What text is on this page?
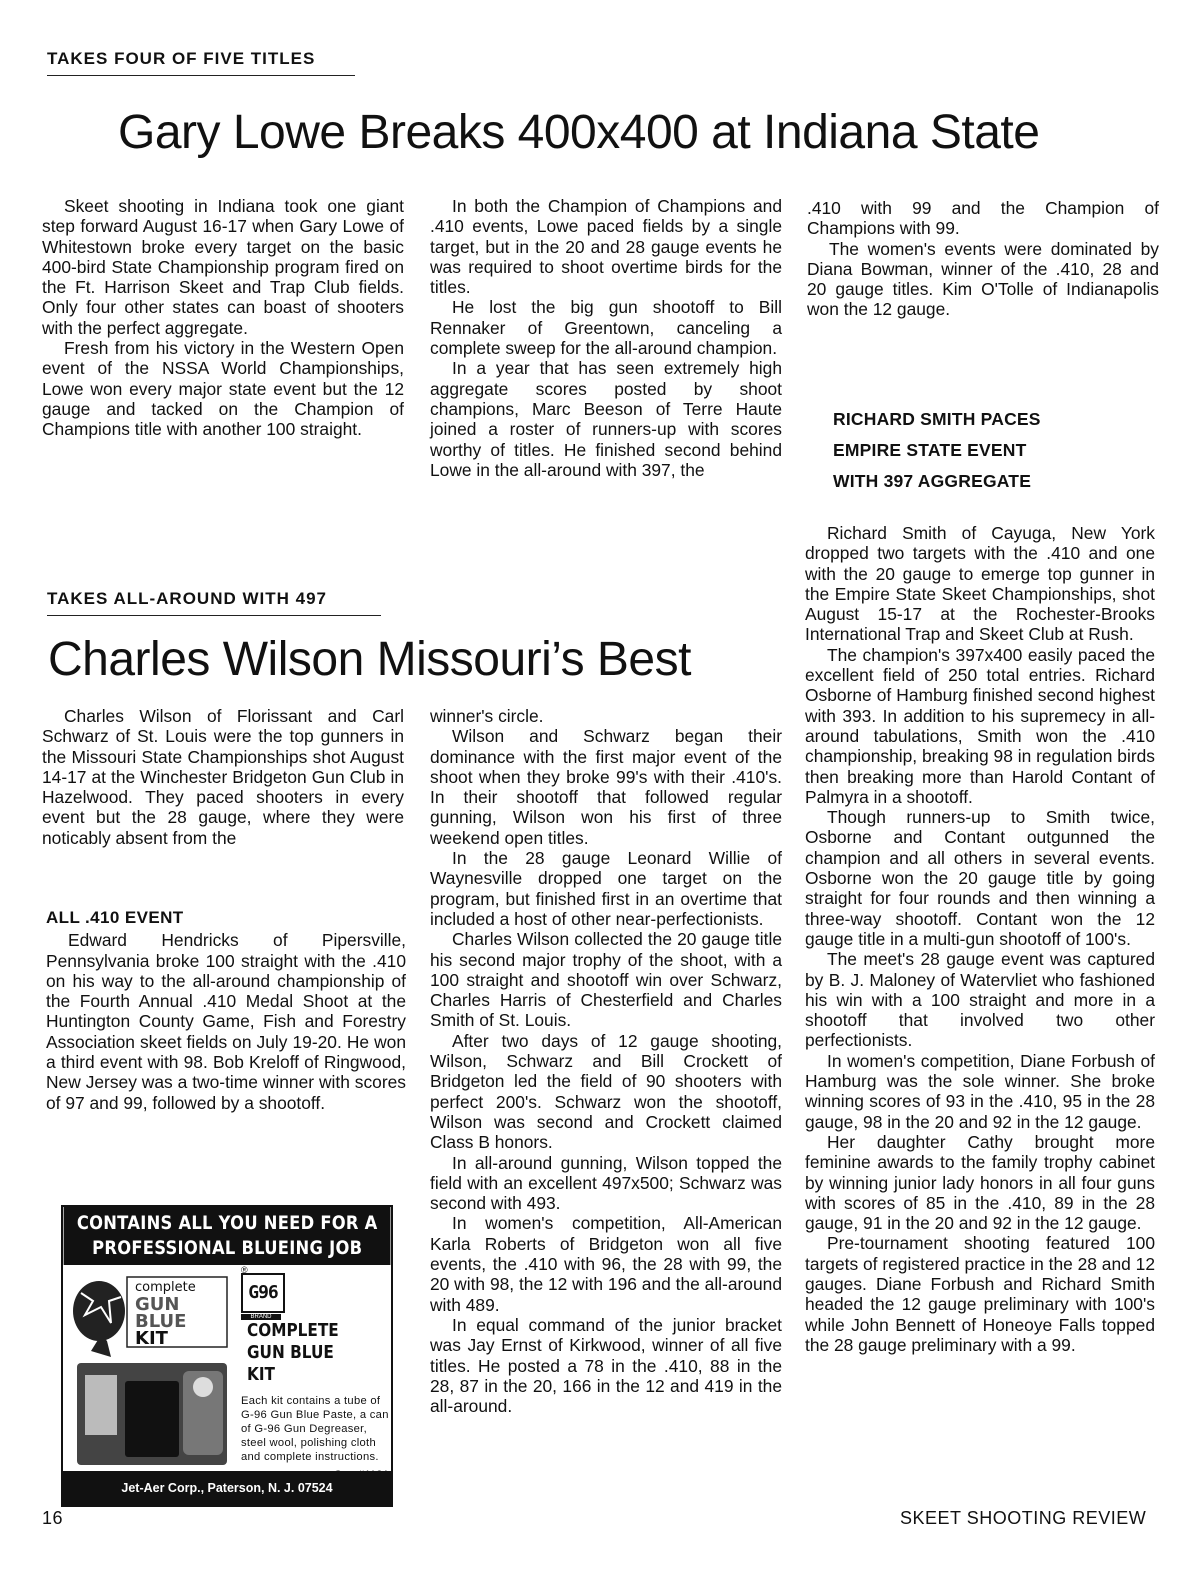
TAKES FOUR OF FIVE TITLES
Gary Lowe Breaks 400x400 at Indiana State

Skeet shooting in Indiana took one giant step forward August 16-17 when Gary Lowe of Whitestown broke every target on the basic 400-bird State Championship program fired on the Ft. Harrison Skeet and Trap Club fields. Only four other states can boast of shooters with the perfect aggregate.

Fresh from his victory in the Western Open event of the NSSA World Championships, Lowe won every major state event but the 12 gauge and tacked on the Champion of Champions title with another 100 straight.

In both the Champion of Champions and .410 events, Lowe paced fields by a single target, but in the 20 and 28 gauge events he was required to shoot overtime birds for the titles.

He lost the big gun shootoff to Bill Rennaker of Greentown, canceling a complete sweep for the all-around champion.

In a year that has seen extremely high aggregate scores posted by shoot champions, Marc Beeson of Terre Haute joined a roster of runners-up with scores worthy of titles. He finished second behind Lowe in the all-around with 397, the

.410 with 99 and the Champion of Champions with 99.

The women's events were dominated by Diana Bowman, winner of the .410, 28 and 20 gauge titles. Kim O'Tolle of Indianapolis won the 12 gauge.

TAKES ALL-AROUND WITH 497
Charles Wilson Missouri’s Best

Charles Wilson of Florissant and Carl Schwarz of St. Louis were the top gunners in the Missouri State Championships shot August 14-17 at the Winchester Bridgeton Gun Club in Hazelwood. They paced shooters in every event but the 28 gauge, where they were noticably absent from the

winner's circle.

Wilson and Schwarz began their dominance with the first major event of the shoot when they broke 99's with their .410's. In their shootoff that followed regular gunning, Wilson won his first of three weekend open titles.

In the 28 gauge Leonard Willie of Waynesville dropped one target on the program, but finished first in an overtime that included a host of other near-perfectionists.

Charles Wilson collected the 20 gauge title his second major trophy of the shoot, with a 100 straight and shootoff win over Schwarz, Charles Harris of Chesterfield and Charles Smith of St. Louis.

After two days of 12 gauge shooting, Wilson, Schwarz and Bill Crockett of Bridgeton led the field of 90 shooters with perfect 200's. Schwarz won the shootoff, Wilson was second and Crockett claimed Class B honors.

In all-around gunning, Wilson topped the field with an excellent 497x500; Schwarz was second with 493.

In women's competition, All-American Karla Roberts of Bridgeton won all five events, the .410 with 96, the 28 with 99, the 20 with 98, the 12 with 196 and the all-around with 489.

In equal command of the junior bracket was Jay Ernst of Kirkwood, winner of all five titles. He posted a 78 in the .410, 88 in the 28, 87 in the 20, 166 in the 12 and 419 in the all-around.

ALL .410 EVENT

Edward Hendricks of Pipersville, Pennsylvania broke 100 straight with the .410 on his way to the all-around championship of the Fourth Annual .410 Medal Shoot at the Huntington County Game, Fish and Forestry Association skeet fields on July 19-20. He won a third event with 98. Bob Kreloff of Ringwood, New Jersey was a two-time winner with scores of 97 and 99, followed by a shootoff.

RICHARD SMITH PACES
EMPIRE STATE EVENT
WITH 397 AGGREGATE

Richard Smith of Cayuga, New York dropped two targets with the .410 and one with the 20 gauge to emerge top gunner in the Empire State Skeet Championships, shot August 15-17 at the Rochester-Brooks International Trap and Skeet Club at Rush.

The champion's 397x400 easily paced the excellent field of 250 total entries. Richard Osborne of Hamburg finished second highest with 393. In addition to his supremecy in all-around tabulations, Smith won the .410 championship, breaking 98 in regulation birds then breaking more than Harold Contant of Palmyra in a shootoff.

Though runners-up to Smith twice, Osborne and Contant outgunned the champion and all others in several events. Osborne won the 20 gauge title by going straight for four rounds and then winning a three-way shootoff. Contant won the 12 gauge title in a multi-gun shootoff of 100's.

The meet's 28 gauge event was captured by B. J. Maloney of Watervliet who fashioned his win with a 100 straight and more in a shootoff that involved two other perfectionists.

In women's competition, Diane Forbush of Hamburg was the sole winner. She broke winning scores of 93 in the .410, 95 in the 28 gauge, 98 in the 20 and 92 in the 12 gauge.

Her daughter Cathy brought more feminine awards to the family trophy cabinet by winning junior lady honors in all four guns with scores of 85 in the .410, 89 in the 28 gauge, 91 in the 20 and 92 in the 12 gauge.

Pre-tournament shooting featured 100 targets of registered practice in the 28 and 12 gauges. Diane Forbush and Richard Smith headed the 12 gauge preliminary with 100's while John Bennett of Honeoye Falls topped the 28 gauge preliminary with a 99.

CONTAINS ALL YOU NEED FOR A
PROFESSIONAL BLUEING JOB
complete
GUN
BLUE
KIT
®
G96
BRAND

COMPLETE
GUN BLUE
KIT
Each kit contains a tube of G-96 Gun Blue Paste, a can of G-96 Gun Degreaser, steel wool, polishing cloth and complete instructions.
Jet-Aer Corp., Paterson, N. J. 07524
16	SKEET SHOOTING REVIEW
